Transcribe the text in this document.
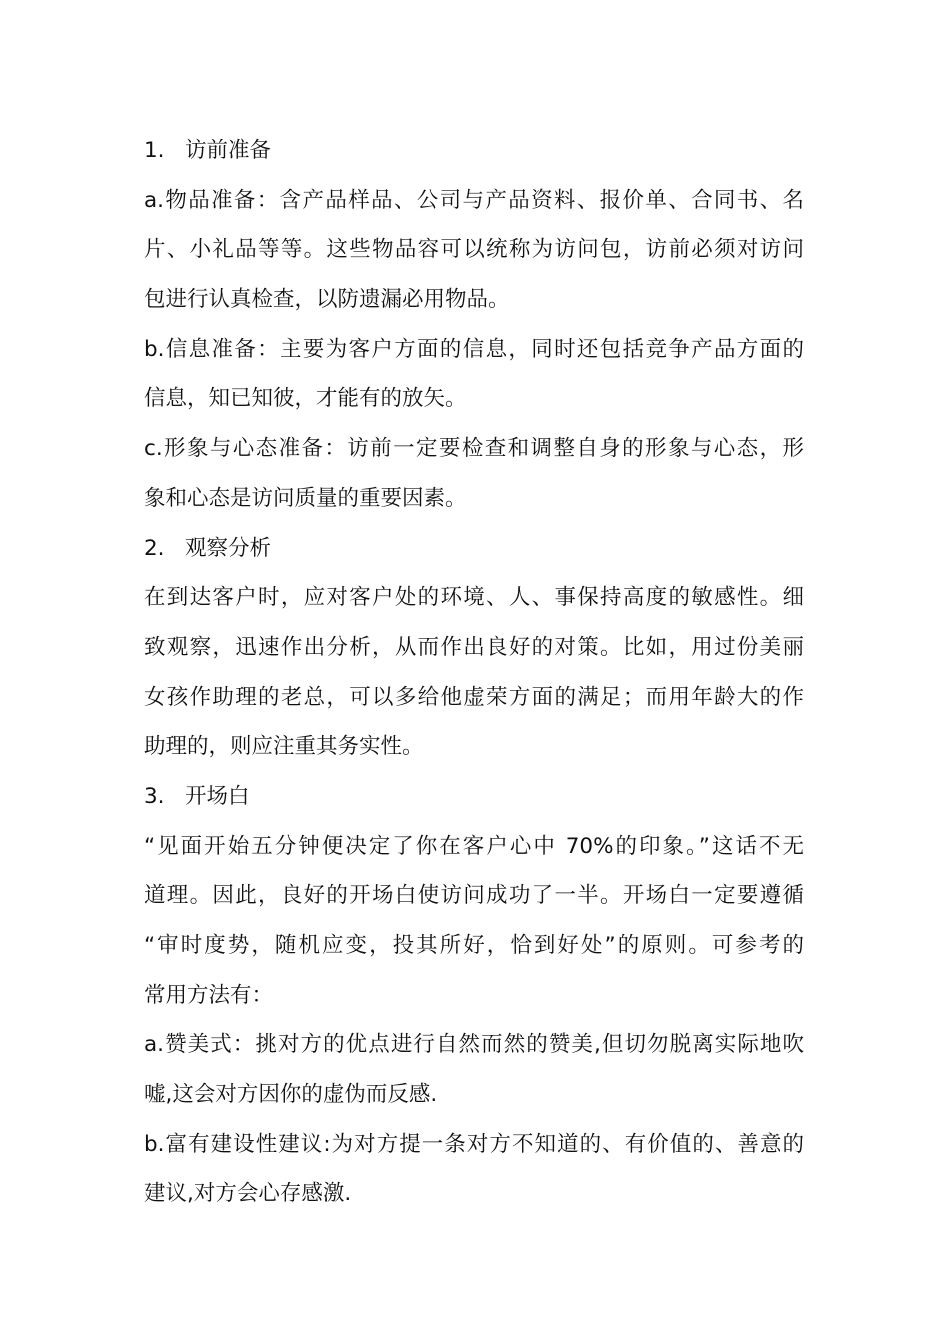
1.   访前准备
a.物品准备：含产品样品、公司与产品资料、报价单、合同书、名
片、小礼品等等。这些物品容可以统称为访问包，访前必须对访问
包进行认真检查，以防遗漏必用物品。
b.信息准备：主要为客户方面的信息，同时还包括竞争产品方面的
信息，知已知彼，才能有的放矢。
c.形象与心态准备：访前一定要检查和调整自身的形象与心态，形
象和心态是访问质量的重要因素。
2.   观察分析
在到达客户时，应对客户处的环境、人、事保持高度的敏感性。细
致观察，迅速作出分析，从而作出良好的对策。比如，用过份美丽
女孩作助理的老总，可以多给他虚荣方面的满足；而用年龄大的作
助理的，则应注重其务实性。
3.   开场白
“见面开始五分钟便决定了你在客户心中 70%的印象。”这话不无
道理。因此，良好的开场白使访问成功了一半。开场白一定要遵循
“审时度势，随机应变，投其所好，恰到好处”的原则。可参考的
常用方法有：
a.赞美式：挑对方的优点进行自然而然的赞美,但切勿脱离实际地吹
嘘,这会对方因你的虚伪而反感.
b.富有建设性建议:为对方提一条对方不知道的、有价值的、善意的
建议,对方会心存感激.
